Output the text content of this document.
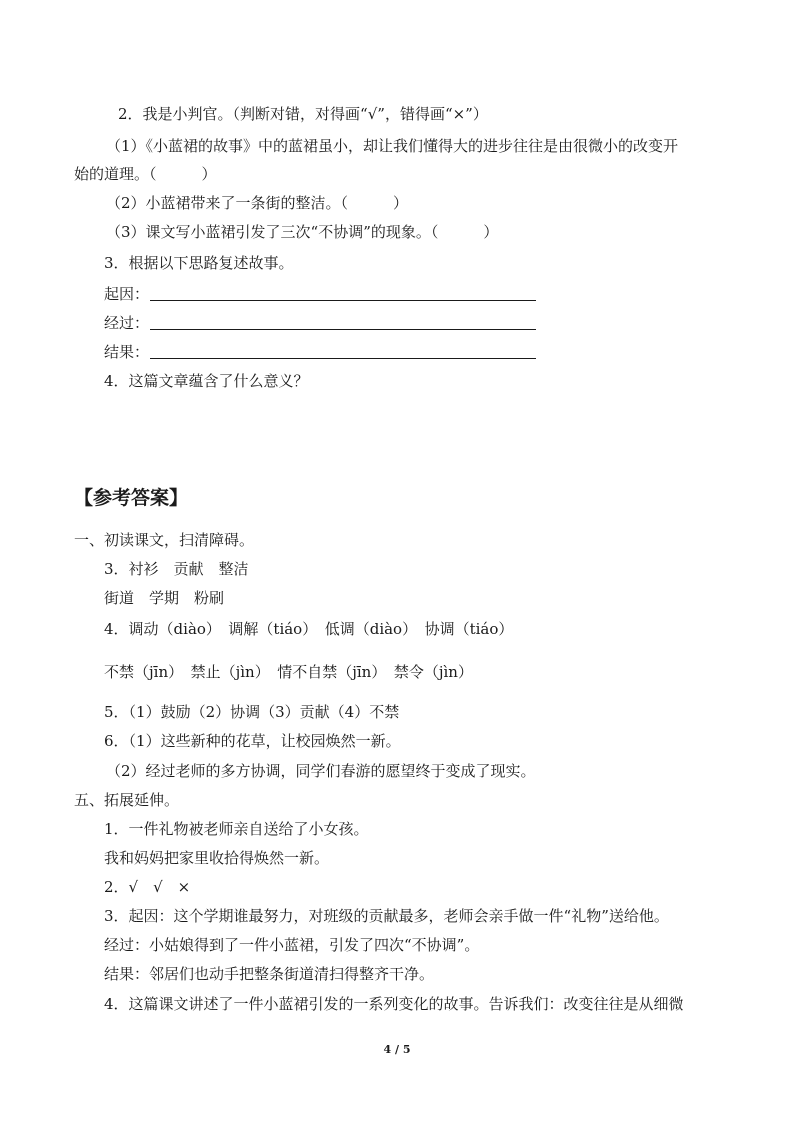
2．我是小判官。（判断对错，对得画“√”，错得画“×”）
（1）《小蓝裙的故事》中的蓝裙虽小，却让我们懂得大的进步往往是由很微小的改变开
始的道理。（　　　）
（2）小蓝裙带来了一条街的整洁。（　　　）
（3）课文写小蓝裙引发了三次“不协调”的现象。（　　　）
3．根据以下思路复述故事。
起因：
经过：
结果：
4．这篇文章蕴含了什么意义？
【参考答案】
一、初读课文，扫清障碍。
3．衬衫　贡献　整洁
街道　学期　粉刷
4．调动（diào）　调解（tiáo）　低调（diào）　协调（tiáo）
不禁（jīn）　禁止（jìn）　情不自禁（jīn）　禁令（jìn）
5．（1）鼓励（2）协调（3）贡献（4）不禁
6．（1）这些新种的花草，让校园焕然一新。
（2）经过老师的多方协调，同学们春游的愿望终于变成了现实。
五、拓展延伸。
1．一件礼物被老师亲自送给了小女孩。
我和妈妈把家里收拾得焕然一新。
2．√　√　×
3．起因：这个学期谁最努力，对班级的贡献最多，老师会亲手做一件“礼物”送给他。
经过：小姑娘得到了一件小蓝裙，引发了四次“不协调”。
结果：邻居们也动手把整条街道清扫得整齐干净。
4．这篇课文讲述了一件小蓝裙引发的一系列变化的故事。告诉我们：改变往往是从细微
4 / 5
